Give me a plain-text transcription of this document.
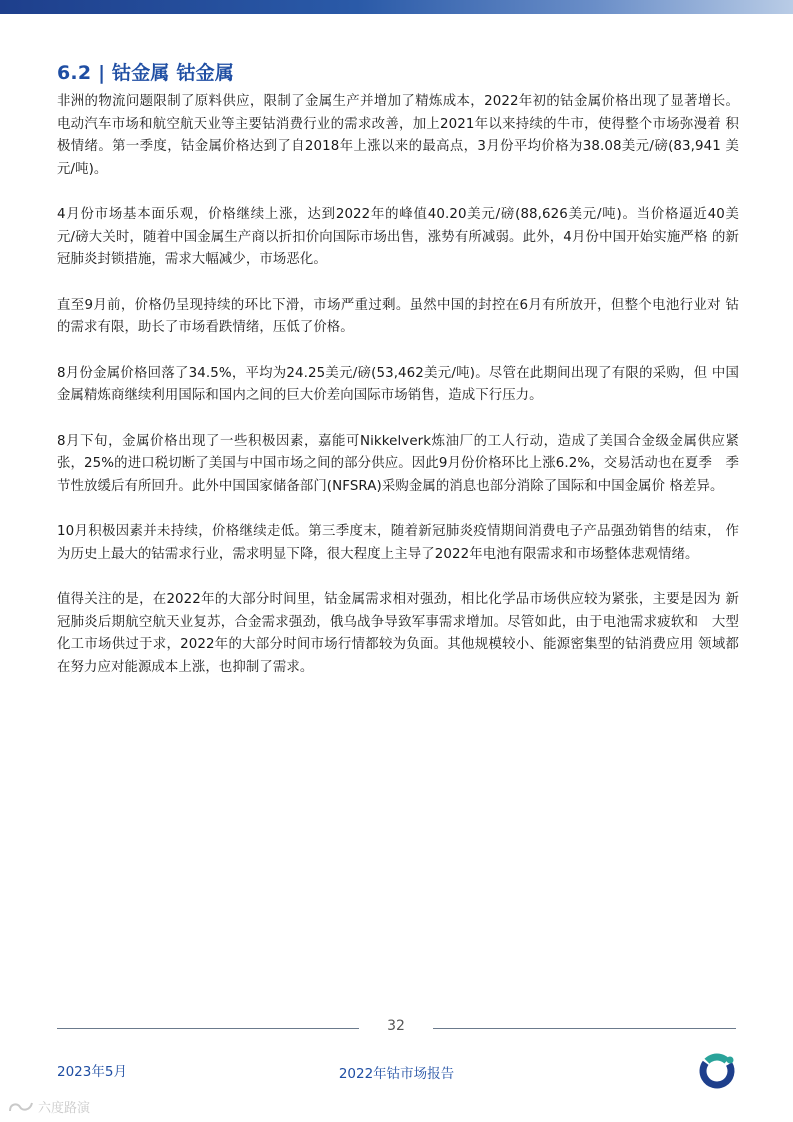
6.2 | 钴金属 钴金属

非洲的物流问题限制了原料供应，限制了金属生产并增加了精炼成本，2022年初的钴金属价格出现了显著增长。 电动汽车市场和航空航天业等主要钴消费行业的需求改善，加上2021年以来持续的牛市，使得整个市场弥漫着 积极情绪。第一季度，钴金属价格达到了自2018年上涨以来的最高点，3月份平均价格为38.08美元/磅(83,941 美元/吨)。

4月份市场基本面乐观，价格继续上涨，达到2022年的峰值40.20美元/磅(88,626美元/吨)。当价格逼近40美　　元/磅大关时，随着中国金属生产商以折扣价向国际市场出售，涨势有所减弱。此外，4月份中国开始实施严格 的新冠肺炎封锁措施，需求大幅减少，市场恶化。

直至9月前，价格仍呈现持续的环比下滑，市场严重过剩。虽然中国的封控在6月有所放开，但整个电池行业对 钴的需求有限，助长了市场看跌情绪，压低了价格。

8月份金属价格回落了34.5%，平均为24.25美元/磅(53,462美元/吨)。尽管在此期间出现了有限的采购，但 中国金属精炼商继续利用国际和国内之间的巨大价差向国际市场销售，造成下行压力。

8月下旬，金属价格出现了一些积极因素，嘉能可Nikkelverk炼油厂的工人行动，造成了美国合金级金属供应紧　张，25%的进口税切断了美国与中国市场之间的部分供应。因此9月份价格环比上涨6.2%，交易活动也在夏季　季节性放缓后有所回升。此外中国国家储备部门(NFSRA)采购金属的消息也部分消除了国际和中国金属价 格差异。

10月积极因素并未持续，价格继续走低。第三季度末，随着新冠肺炎疫情期间消费电子产品强劲销售的结束， 作为历史上最大的钴需求行业，需求明显下降，很大程度上主导了2022年电池有限需求和市场整体悲观情绪。

值得关注的是，在2022年的大部分时间里，钴金属需求相对强劲，相比化学品市场供应较为紧张，主要是因为 新冠肺炎后期航空航天业复苏，合金需求强劲，俄乌战争导致军事需求增加。尽管如此，由于电池需求疲软和　大型化工市场供过于求，2022年的大部分时间市场行情都较为负面。其他规模较小、能源密集型的钴消费应用 领域都在努力应对能源成本上涨，也抑制了需求。

32
2023年5月	2022年钴市场报告
六度路演
